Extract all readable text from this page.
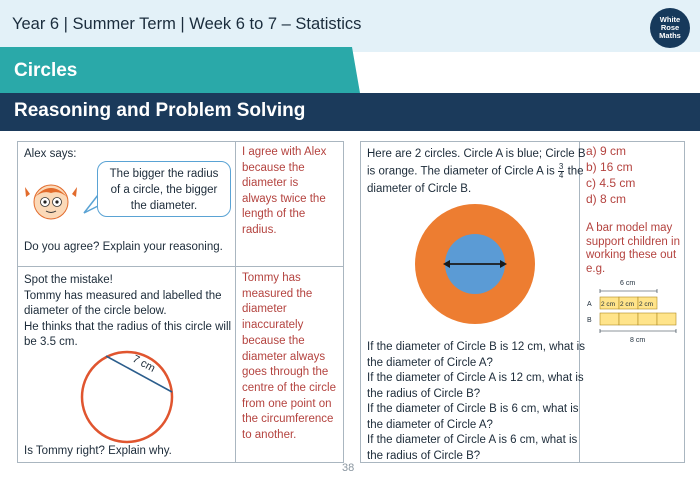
Year 6 | Summer Term | Week 6 to 7 – Statistics	White
Rose
Maths
Circles
Reasoning and Problem Solving
Alex says:
The bigger the radius
of a circle, the bigger
the diameter.
Do you agree? Explain your reasoning.
I agree with Alex
because the
diameter is
always twice the
length of the
radius.
Spot the mistake!
Tommy has measured and labelled the
diameter of the circle below.
He thinks that the radius of this circle will
be 3.5 cm.
7 cm
Is Tommy right? Explain why.
Tommy has
measured the
diameter
inaccurately
because the
diameter always
goes through the
centre of the circle
from one point on
the circumference
to another.
Here are 2 circles. Circle A is blue; Circle B
is orange. The diameter of Circle A is $\frac{3}{4}$ the
diameter of Circle B.
If the diameter of Circle B is 12 cm, what is
the diameter of Circle A?
If the diameter of Circle A is 12 cm, what is
the radius of Circle B?
If the diameter of Circle B is 6 cm, what is
the diameter of Circle A?
If the diameter of Circle A is 6 cm, what is
the radius of Circle B?
a) 9 cm
b) 16 cm
c) 4.5 cm
d) 8 cm
A bar model may
support children in
working these out
e.g.
6 cm
A 2 cm 2 cm 2 cm
B
8 cm
38
